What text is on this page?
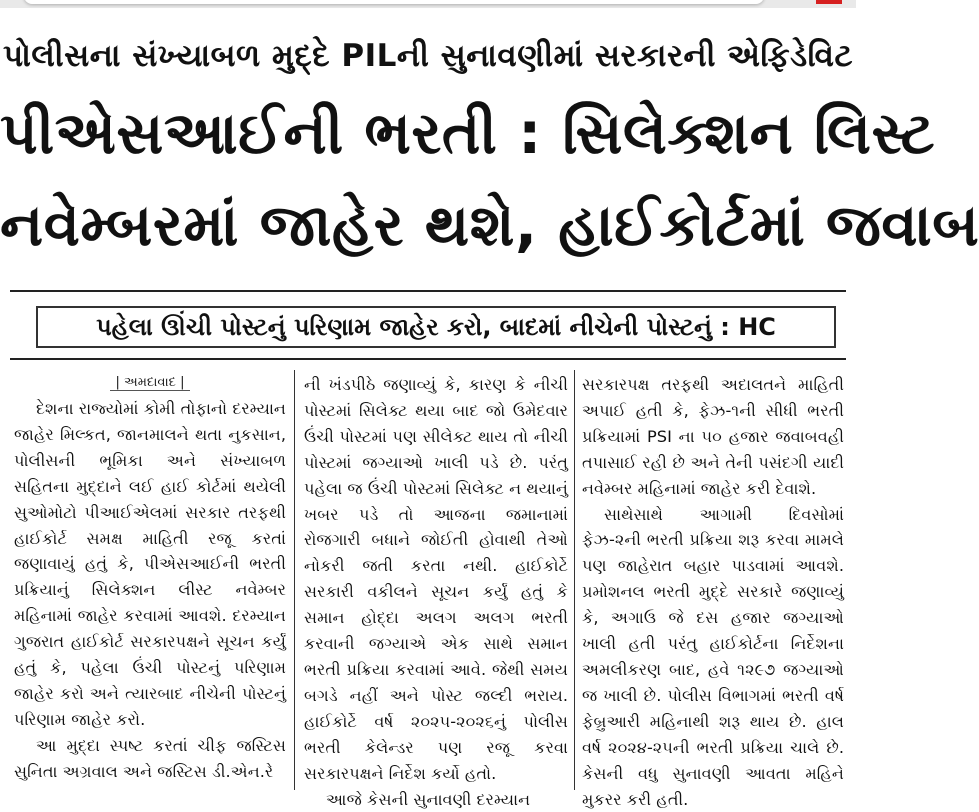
પોલીસના સંખ્યાબળ મુદ્દે PILની સુનાવણીમાં સરકારની એફિડેવિટ
પીએસઆઈની ભરતી : સિલેક્શન લિસ્ટ
નવેમ્બરમાં જાહેર થશે, હાઈકોર્ટમાં જવાબ
પહેલા ઊંચી પોસ્ટનું પરિણામ જાહેર કરો, બાદમાં નીચેની પોસ્ટનું : HC
| અમદાવાદ |

દેશના રાજ્યોમાં કોમી તોફાનો દરમ્યાન જાહેર મિલ્કત, જાનમાલને થતા નુકસાન, પોલીસની ભૂમિકા અને સંખ્યાબળ સહિતના મુદ્દાને લઈ હાઈ કોર્ટમાં થયેલી સુઓમોટો પીઆઈએલમાં સરકાર તરફથી હાઈકોર્ટ સમક્ષ માહિતી રજૂ કરતાં જણાવાયું હતું કે, પીએસઆઈની ભરતી પ્રક્રિયાનું સિલેક્શન લીસ્ટ નવેમ્બર મહિનામાં જાહેર કરવામાં આવશે. દરમ્યાન ગુજરાત હાઈકોર્ટ સરકારપક્ષને સૂચન કર્યું હતું કે, પહેલા ઉંચી પોસ્ટનું પરિણામ જાહેર કરો અને ત્યારબાદ નીચેની પોસ્ટનું પરિણામ જાહેર કરો.

આ મુદ્દા સ્પષ્ટ કરતાં ચીફ જસ્ટિસ સુનિતા અગ્રવાલ અને જસ્ટિસ ડી.એન.રે

ની ખંડપીઠે જણાવ્યું કે, કારણ કે નીચી પોસ્ટમાં સિલેક્ટ થયા બાદ જો ઉમેદવાર ઉંચી પોસ્ટમાં પણ સીલેક્ટ થાય તો નીચી પોસ્ટમાં જગ્યાઓ ખાલી પડે છે. પરંતુ પહેલા જ ઉંચી પોસ્ટમાં સિલેક્ટ ન થયાનું ખબર પડે તો આજના જમાનામાં રોજગારી બધાને જોઈતી હોવાથી તેઓ નોકરી જતી કરતા નથી. હાઈકોર્ટે સરકારી વકીલને સૂચન કર્યું હતું કે સમાન હોદ્દા અલગ અલગ ભરતી કરવાની જગ્યાએ એક સાથે સમાન ભરતી પ્રક્રિયા કરવામાં આવે. જેથી સમય બગડે નહીં અને પોસ્ટ જલ્દી ભરાય. હાઈકોર્ટે વર્ષ ૨૦૨૫-૨૦૨૬નું પોલીસ ભરતી કેલેન્ડર પણ રજૂ કરવા સરકારપક્ષને નિર્દેશ કર્યો હતો.

આજે કેસની સુનાવણી દરમ્યાન

સરકારપક્ષ તરફથી અદાલતને માહિતી અપાઈ હતી કે, ફેઝ-૧ની સીધી ભરતી પ્રક્રિયામાં PSI ના ૫૦ હજાર જવાબવહી તપાસાઈ રહી છે અને તેની પસંદગી યાદી નવેમ્બર મહિનામાં જાહેર કરી દેવાશે.

સાથેસાથે આગામી દિવસોમાં ફેઝ-૨ની ભરતી પ્રક્રિયા શરૂ કરવા મામલે પણ જાહેરાત બહાર પાડવામાં આવશે. પ્રમોશનલ ભરતી મુદ્દે સરકારે જણાવ્યું કે, અગાઉ જે દસ હજાર જગ્યાઓ ખાલી હતી પરંતુ હાઈકોર્ટના નિર્દેશના અમલીકરણ બાદ, હવે ૧૨૯૭ જગ્યાઓ જ ખાલી છે. પોલીસ વિભાગમાં ભરતી વર્ષ ફેબ્રુઆરી મહિનાથી શરૂ થાય છે. હાલ વર્ષ ૨૦૨૪-૨૫ની ભરતી પ્રક્રિયા ચાલે છે. કેસની વધુ સુનાવણી આવતા મહિને મુકરર કરી હતી.
